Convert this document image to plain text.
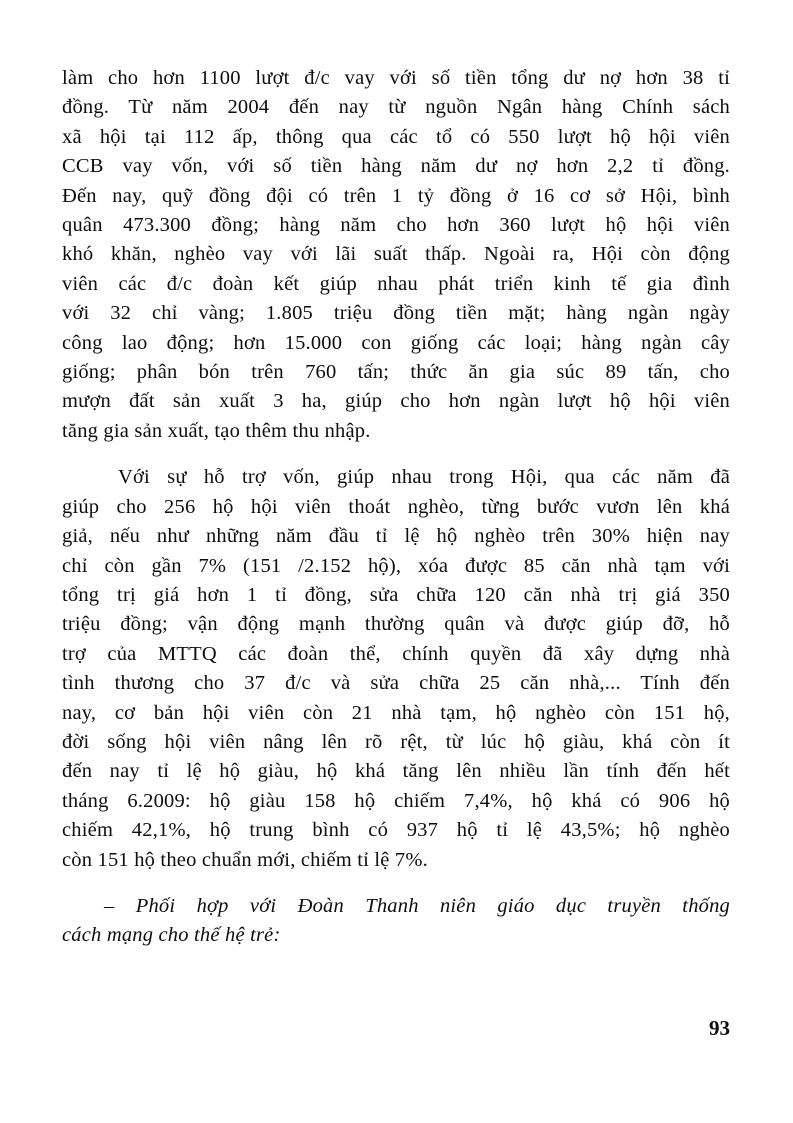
làm cho hơn 1100 lượt đ/c vay với số tiền tổng dư nợ hơn 38 tỉ
đồng. Từ năm 2004 đến nay từ nguồn Ngân hàng Chính sách
xã hội tại 112 ấp, thông qua các tổ có 550 lượt hộ hội viên
CCB vay vốn, với số tiền hàng năm dư nợ hơn 2,2 tỉ đồng.
Đến nay, quỹ đồng đội có trên 1 tỷ đồng ở 16 cơ sở Hội, bình
quân 473.300 đồng; hàng năm cho hơn 360 lượt hộ hội viên
khó khăn, nghèo vay với lãi suất thấp. Ngoài ra, Hội còn động
viên các đ/c đoàn kết giúp nhau phát triển kinh tế gia đình
với 32 chỉ vàng; 1.805 triệu đồng tiền mặt; hàng ngàn ngày
công lao động; hơn 15.000 con giống các loại; hàng ngàn cây
giống; phân bón trên 760 tấn; thức ăn gia súc 89 tấn, cho
mượn đất sản xuất 3 ha, giúp cho hơn ngàn lượt hộ hội viên
tăng gia sản xuất, tạo thêm thu nhập.
Với sự hỗ trợ vốn, giúp nhau trong Hội, qua các năm đã
giúp cho 256 hộ hội viên thoát nghèo, từng bước vươn lên khá
giả, nếu như những năm đầu tỉ lệ hộ nghèo trên 30% hiện nay
chỉ còn gần 7% (151 /2.152 hộ), xóa được 85 căn nhà tạm với
tổng trị giá hơn 1 tỉ đồng, sửa chữa 120 căn nhà trị giá 350
triệu đồng; vận động mạnh thường quân và được giúp đỡ, hỗ
trợ của MTTQ các đoàn thể, chính quyền đã xây dựng nhà
tình thương cho 37 đ/c và sửa chữa 25 căn nhà,... Tính đến
nay, cơ bản hội viên còn 21 nhà tạm, hộ nghèo còn 151 hộ,
đời sống hội viên nâng lên rõ rệt, từ lúc hộ giàu, khá còn ít
đến nay tỉ lệ hộ giàu, hộ khá tăng lên nhiều lần tính đến hết
tháng 6.2009: hộ giàu 158 hộ chiếm 7,4%, hộ khá có 906 hộ
chiếm 42,1%, hộ trung bình có 937 hộ tỉ lệ 43,5%; hộ nghèo
còn 151 hộ theo chuẩn mới, chiếm tỉ lệ 7%.
– Phối hợp với Đoàn Thanh niên giáo dục truyền thống
cách mạng cho thế hệ trẻ:
93
